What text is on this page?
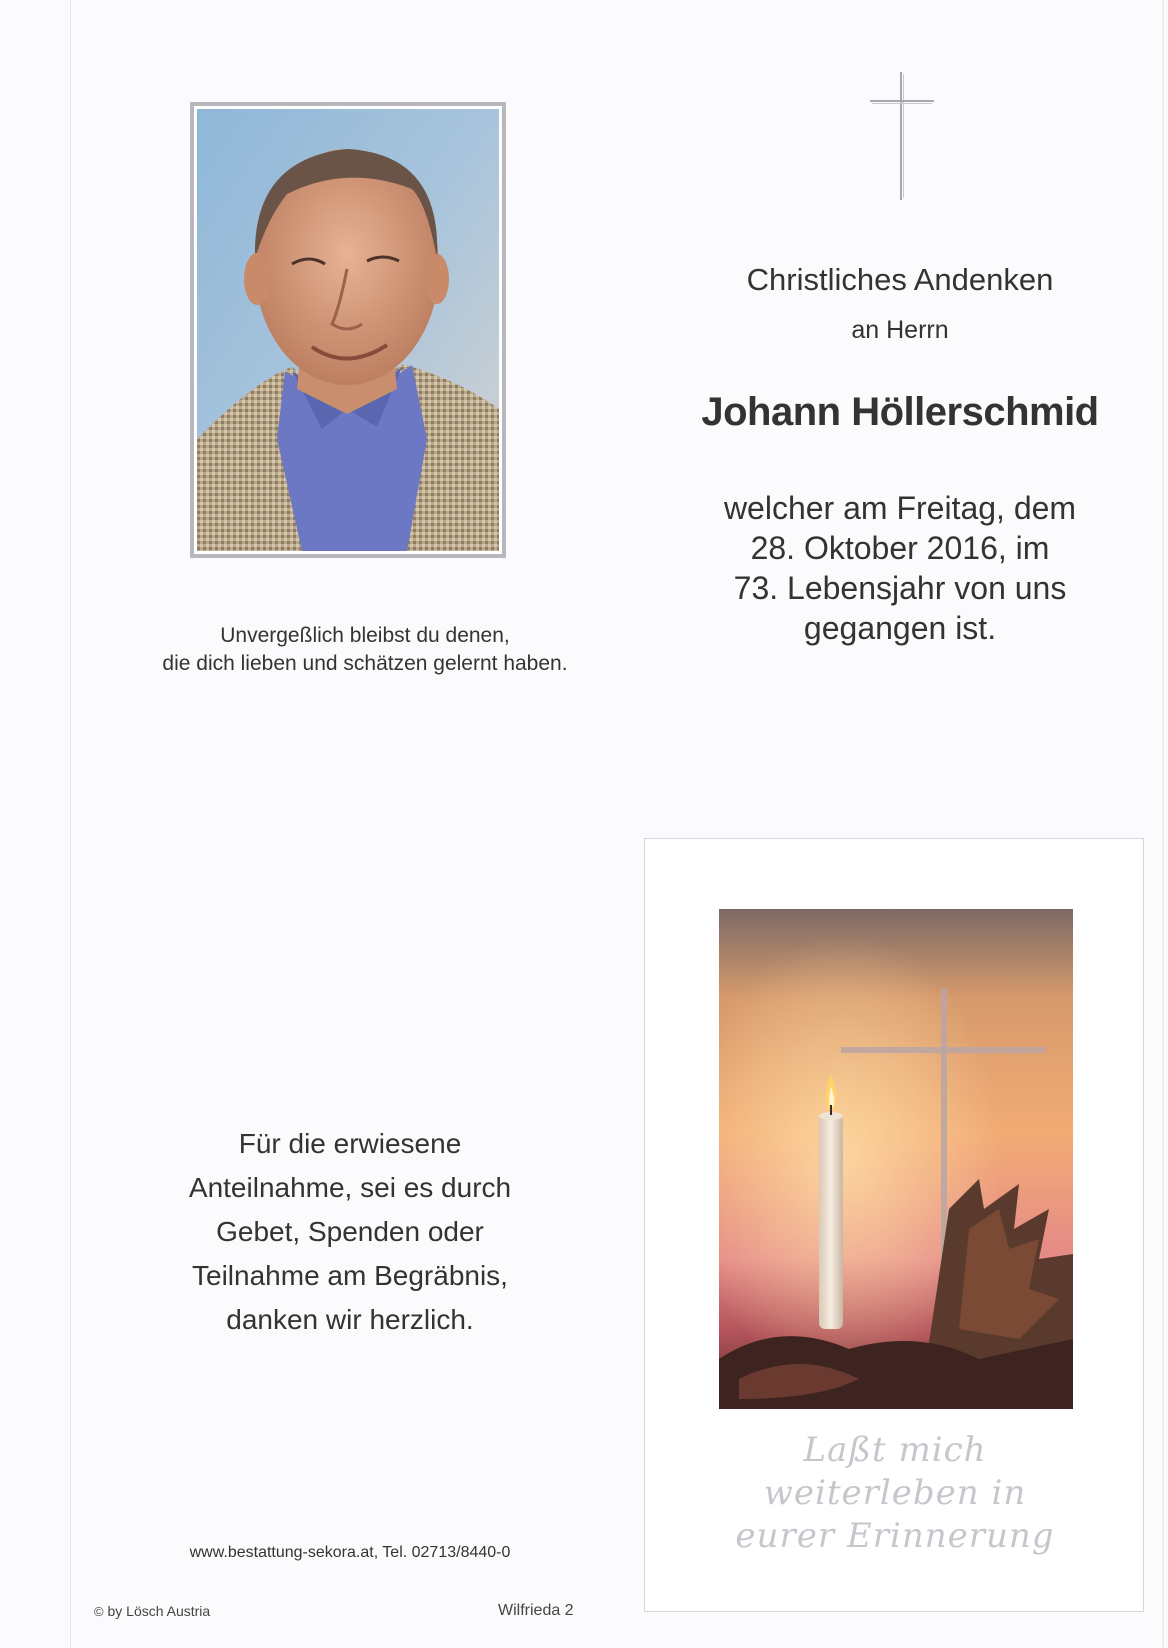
Unvergeßlich bleibst du denen,
die dich lieben und schätzen gelernt haben.
Christliches Andenken
an Herrn
Johann Höllerschmid
welcher am Freitag, dem
28. Oktober 2016, im
73. Lebensjahr von uns
gegangen ist.
Für die erwiesene
Anteilnahme, sei es durch
Gebet, Spenden oder
Teilnahme am Begräbnis,
danken wir herzlich.
www.bestattung-sekora.at, Tel. 02713/8440-0
© by Lösch Austria	Wilfrieda 2
Laßt mich
weiterleben in
eurer Erinnerung
